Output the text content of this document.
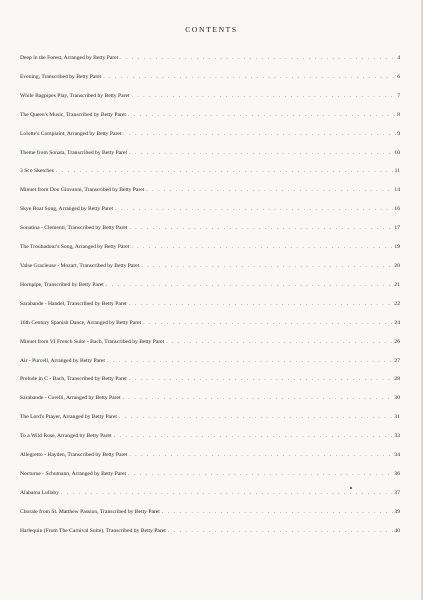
CONTENTS
Deep in the Forest, Arranged by Betty Paret . . .	4
Evening, Transcribed by Betty Paret . . .	6
While Bagpipes Play, Transcribed by Betty Paret . . .	7
The Queen's Music, Transcribed by Betty Paret . . .	8
Lolotte's Complaint, Arranged by Betty Paret . . .	9
Theme from Sonata, Transcribed by Betty Paret . . .	10
3 Sco Sketches . . .	11
Minuet from Don Giovanni, Transcribed by Betty Paret . . .	14
Skye Boat Song, Arranged by Betty Paret . . .	16
Sonatina - Clementi, Transcribed by Betty Paret . . .	17
The Troubadour's Song, Arranged by Betty Paret . . .	19
Valse Gracieuse - Mozart, Transcribed by Betty Paret . . .	20
Hornpipe, Transcribed by Betty Paret . . .	21
Sarabande - Handel, Transcribed by Betty Paret . . .	22
16th Century Spanish Dance, Arranged by Betty Paret . . .	24
Minuet from VI French Suite - Bach, Transcribed by Betty Paret . . .	26
Air - Purcell, Arranged by Betty Paret . . .	27
Prelude in C - Bach, Transcribed by Betty Paret . . .	28
Sarabande - Corelli, Arranged by Betty Paret . . .	30
The Lord's Prayer, Arranged by Betty Paret . . .	31
To a Wild Rose, Arranged by Betty Paret . . .	33
Allegretto - Hayden, Transcribed by Betty Paret . . .	34
Nocturne - Schumann, Arranged by Betty Paret . . .	36
Alabama Lullaby . . .	37
Chorale from St. Matthew Passion, Transcribed by Betty Paret . . .	39
Harlequin (From The Carnival Suite), Transcribed by Betty Paret . . .	40
